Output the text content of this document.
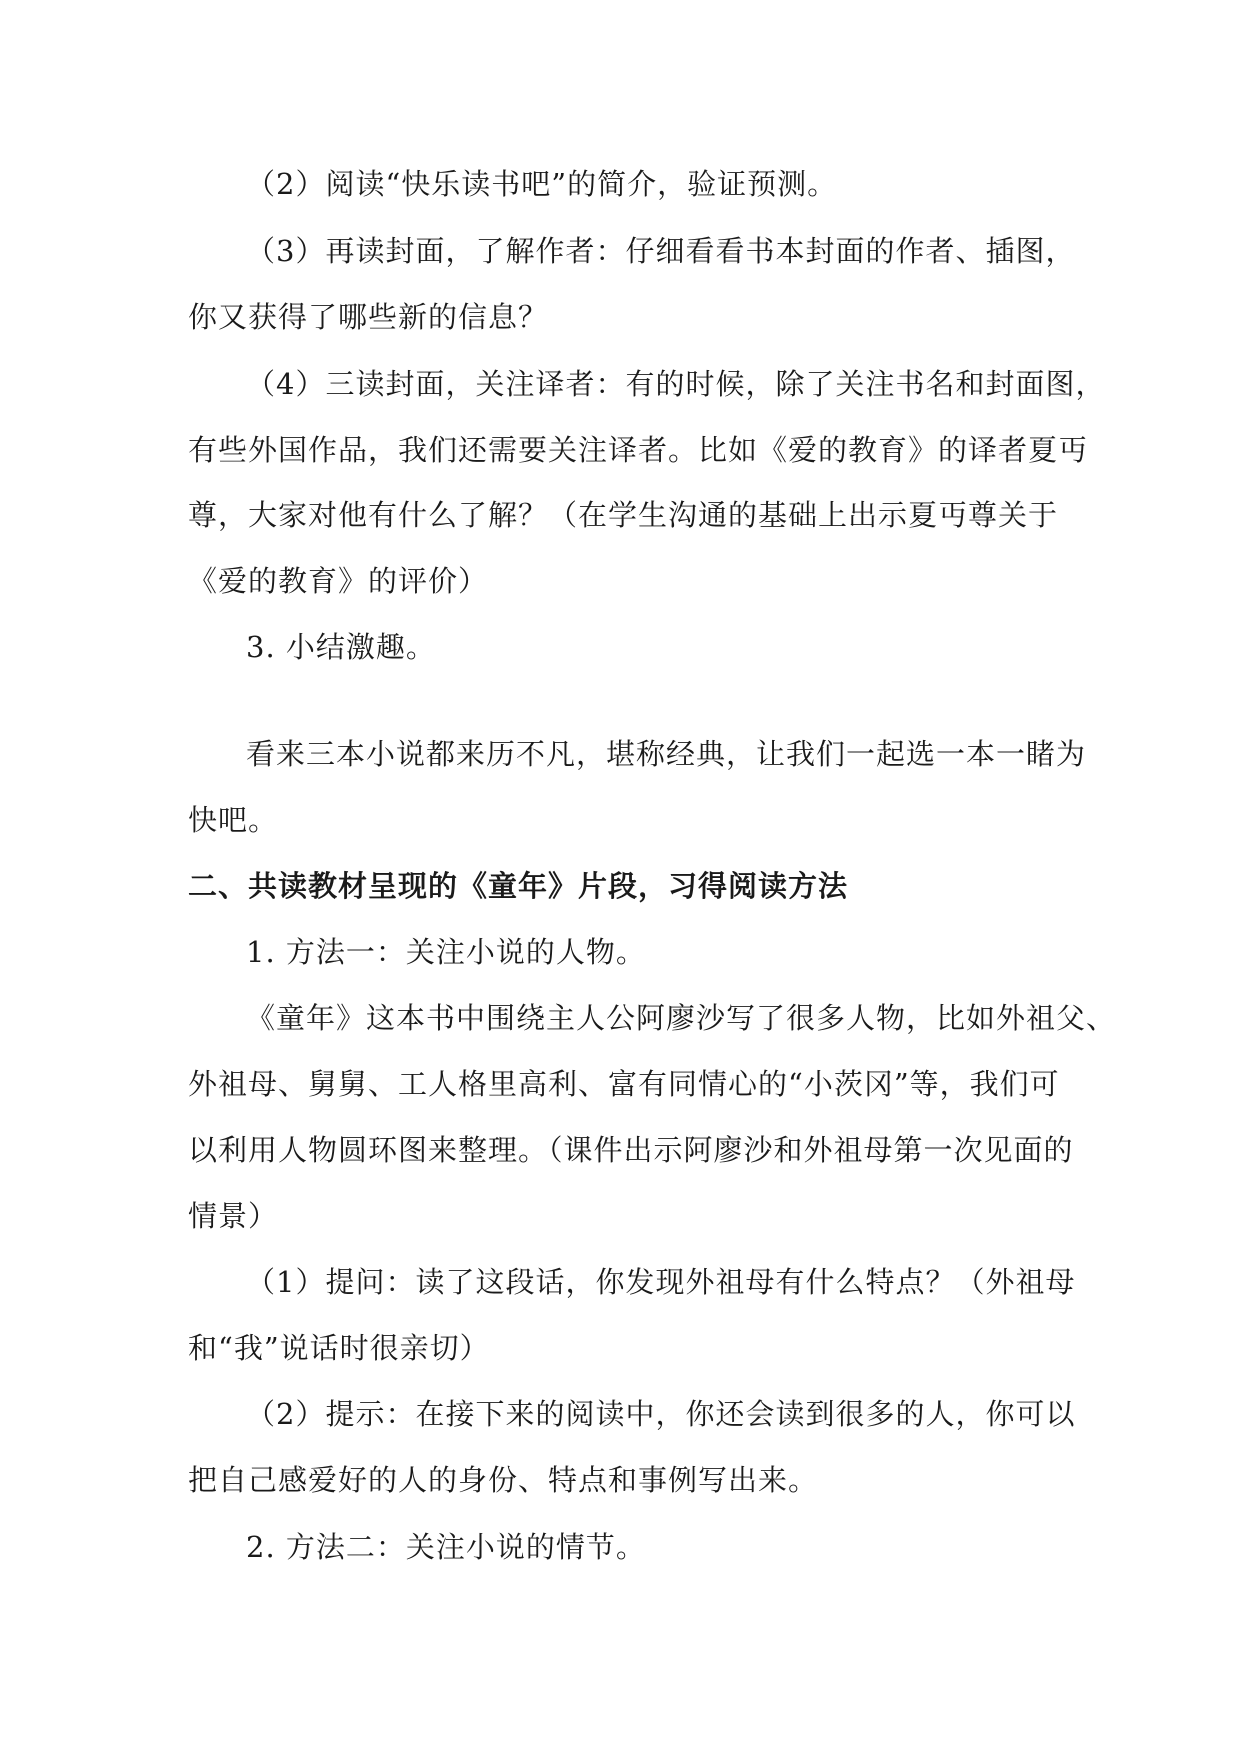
（2）阅读“快乐读书吧”的简介，验证预测。
（3）再读封面，了解作者：仔细看看书本封面的作者、插图，
你又获得了哪些新的信息？
（4）三读封面，关注译者：有的时候，除了关注书名和封面图，
有些外国作品，我们还需要关注译者。比如《爱的教育》的译者夏丏
尊，大家对他有什么了解？（在学生沟通的基础上出示夏丏尊关于
《爱的教育》的评价）
3. 小结激趣。
看来三本小说都来历不凡，堪称经典，让我们一起选一本一睹为
快吧。
二、共读教材呈现的《童年》片段，习得阅读方法
1. 方法一：关注小说的人物。
《童年》这本书中围绕主人公阿廖沙写了很多人物，比如外祖父、
外祖母、舅舅、工人格里高利、富有同情心的“小茨冈”等，我们可
以利用人物圆环图来整理。（课件出示阿廖沙和外祖母第一次见面的
情景）
（1）提问：读了这段话，你发现外祖母有什么特点？（外祖母
和“我”说话时很亲切）
（2）提示：在接下来的阅读中，你还会读到很多的人，你可以
把自己感爱好的人的身份、特点和事例写出来。
2. 方法二：关注小说的情节。
